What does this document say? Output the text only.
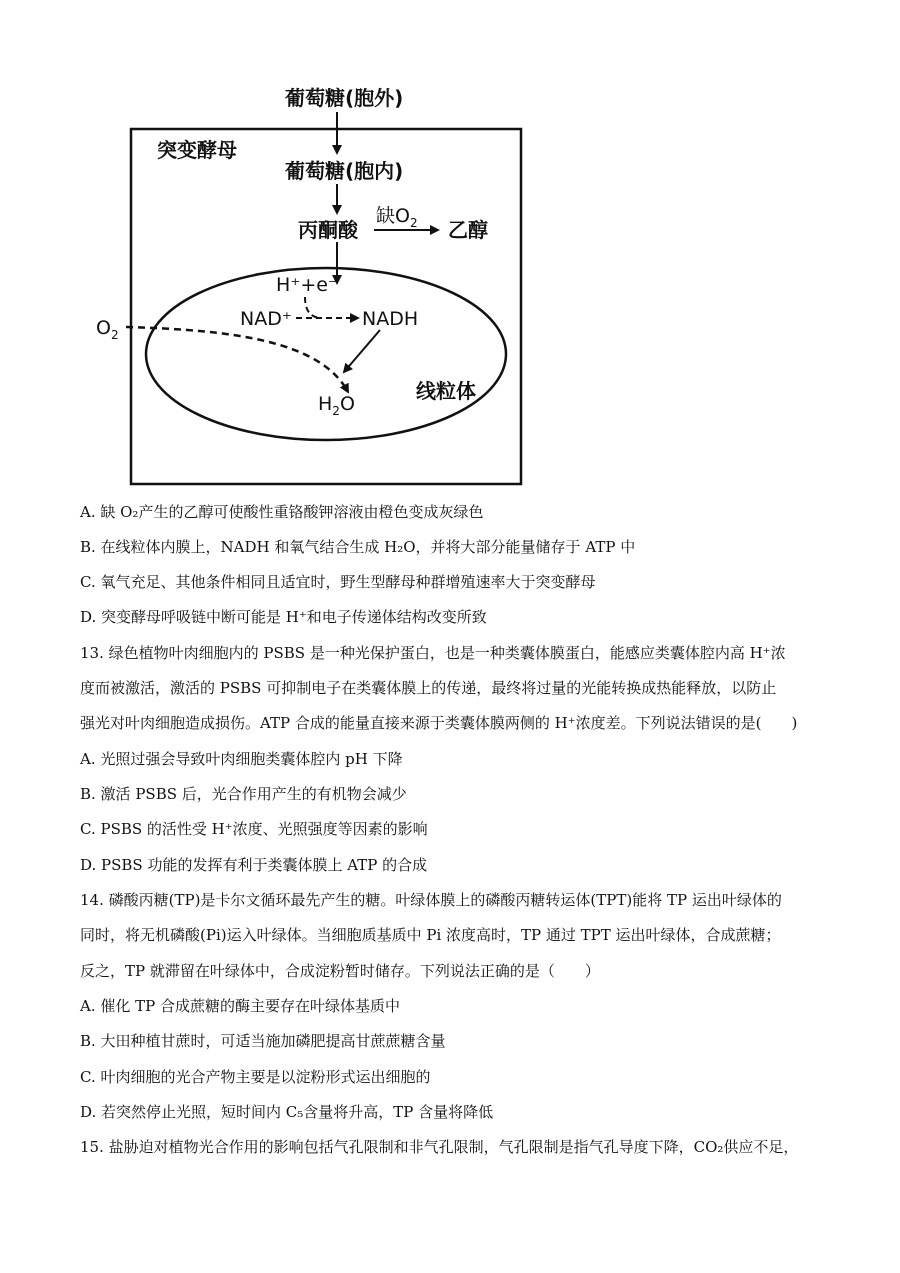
葡萄糖(胞外)
突变酵母
葡萄糖(胞内)
丙酮酸
缺$O_2$ 乙醇
H⁺+e⁻
NAD⁺	NADH
$O_2$
$H_2O$
线粒体
A. 缺 O₂产生的乙醇可使酸性重铬酸钾溶液由橙色变成灰绿色
B. 在线粒体内膜上，NADH 和氧气结合生成 H₂O，并将大部分能量储存于 ATP 中
C. 氧气充足、其他条件相同且适宜时，野生型酵母种群增殖速率大于突变酵母
D. 突变酵母呼吸链中断可能是 H⁺和电子传递体结构改变所致
13. 绿色植物叶肉细胞内的 PSBS 是一种光保护蛋白，也是一种类囊体膜蛋白，能感应类囊体腔内高 H⁺浓
度而被激活，激活的 PSBS 可抑制电子在类囊体膜上的传递，最终将过量的光能转换成热能释放，以防止
强光对叶肉细胞造成损伤。ATP 合成的能量直接来源于类囊体膜两侧的 H⁺浓度差。下列说法错误的是(　　)
A. 光照过强会导致叶肉细胞类囊体腔内 pH 下降
B. 激活 PSBS 后，光合作用产生的有机物会减少
C. PSBS 的活性受 H⁺浓度、光照强度等因素的影响
D. PSBS 功能的发挥有利于类囊体膜上 ATP 的合成
14. 磷酸丙糖(TP)是卡尔文循环最先产生的糖。叶绿体膜上的磷酸丙糖转运体(TPT)能将 TP 运出叶绿体的
同时，将无机磷酸(Pi)运入叶绿体。当细胞质基质中 Pi 浓度高时，TP 通过 TPT 运出叶绿体，合成蔗糖；
反之，TP 就滞留在叶绿体中，合成淀粉暂时储存。下列说法正确的是（　　）
A. 催化 TP 合成蔗糖的酶主要存在叶绿体基质中
B. 大田种植甘蔗时，可适当施加磷肥提高甘蔗蔗糖含量
C. 叶肉细胞的光合产物主要是以淀粉形式运出细胞的
D. 若突然停止光照，短时间内 C₅含量将升高，TP 含量将降低
15. 盐胁迫对植物光合作用的影响包括气孔限制和非气孔限制，气孔限制是指气孔导度下降，CO₂供应不足，
